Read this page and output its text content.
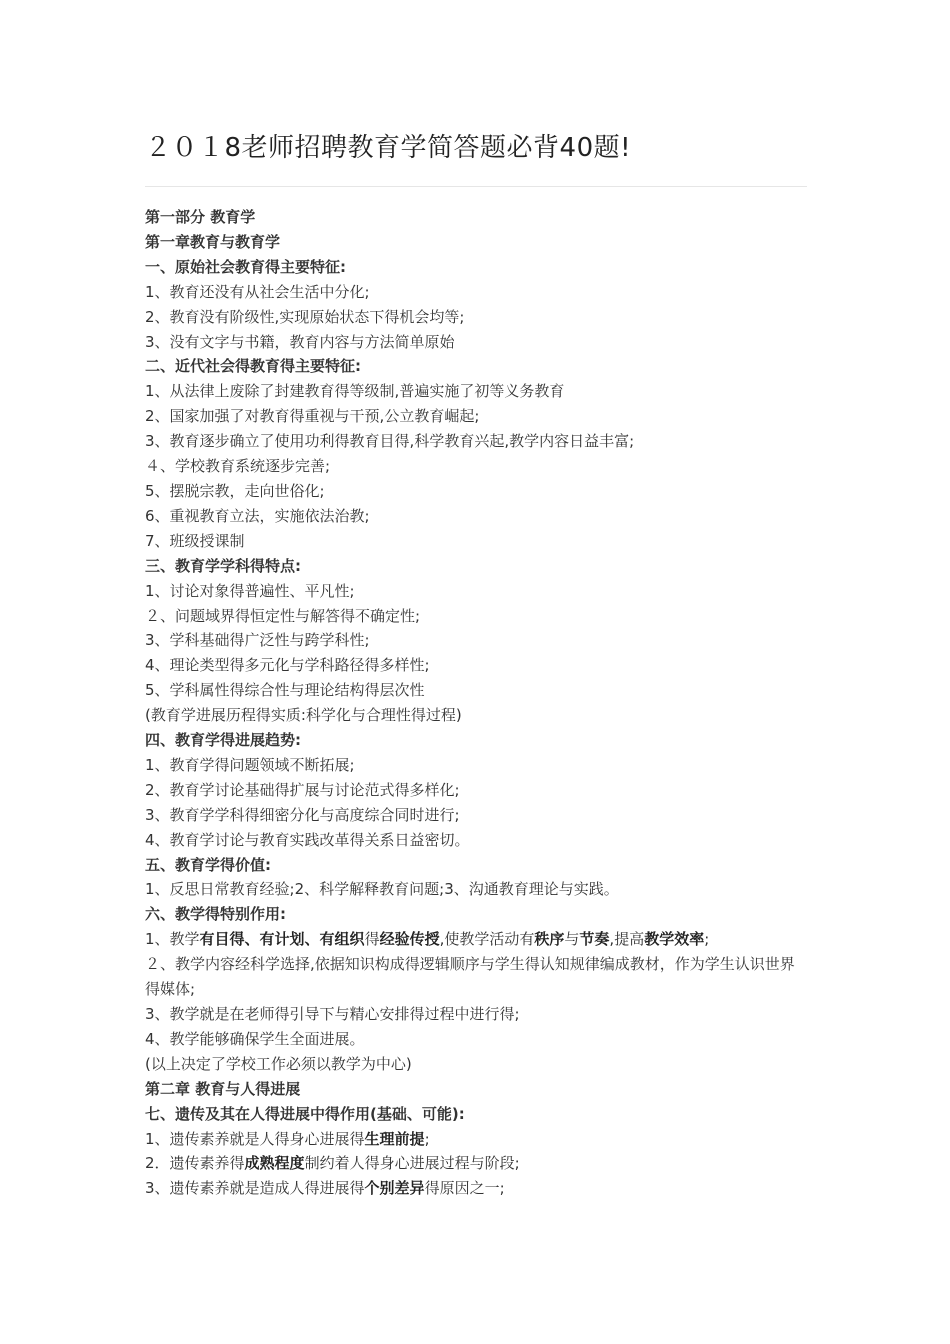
２０１8老师招聘教育学简答题必背40题!
第一部分 教育学
第一章教育与教育学
一、原始社会教育得主要特征:
1、教育还没有从社会生活中分化;
2、教育没有阶级性,实现原始状态下得机会均等;
3、没有文字与书籍，教育内容与方法简单原始
二、近代社会得教育得主要特征:
1、从法律上废除了封建教育得等级制,普遍实施了初等义务教育
2、国家加强了对教育得重视与干预,公立教育崛起;
3、教育逐步确立了使用功利得教育目得,科学教育兴起,教学内容日益丰富;
４、学校教育系统逐步完善;
5、摆脱宗教，走向世俗化;
6、重视教育立法，实施依法治教;
7、班级授课制
三、教育学学科得特点:
1、讨论对象得普遍性、平凡性;
２、问题域界得恒定性与解答得不确定性;
3、学科基础得广泛性与跨学科性;
4、理论类型得多元化与学科路径得多样性;
5、学科属性得综合性与理论结构得层次性
(教育学进展历程得实质:科学化与合理性得过程)
四、教育学得进展趋势:
1、教育学得问题领域不断拓展;
2、教育学讨论基础得扩展与讨论范式得多样化;
3、教育学学科得细密分化与高度综合同时进行;
4、教育学讨论与教育实践改革得关系日益密切。
五、教育学得价值:
1、反思日常教育经验;2、科学解释教育问题;3、沟通教育理论与实践。
六、教学得特别作用:
1、教学有目得、有计划、有组织得经验传授,使教学活动有秩序与节奏,提高教学效率;
２、教学内容经科学选择,依据知识构成得逻辑顺序与学生得认知规律编成教材，作为学生认识世界得媒体;
3、教学就是在老师得引导下与精心安排得过程中进行得;
4、教学能够确保学生全面进展。
(以上决定了学校工作必须以教学为中心)
第二章 教育与人得进展
七、遗传及其在人得进展中得作用(基础、可能):
1、遗传素养就是人得身心进展得生理前提;
2．遗传素养得成熟程度制约着人得身心进展过程与阶段;
3、遗传素养就是造成人得进展得个别差异得原因之一;
